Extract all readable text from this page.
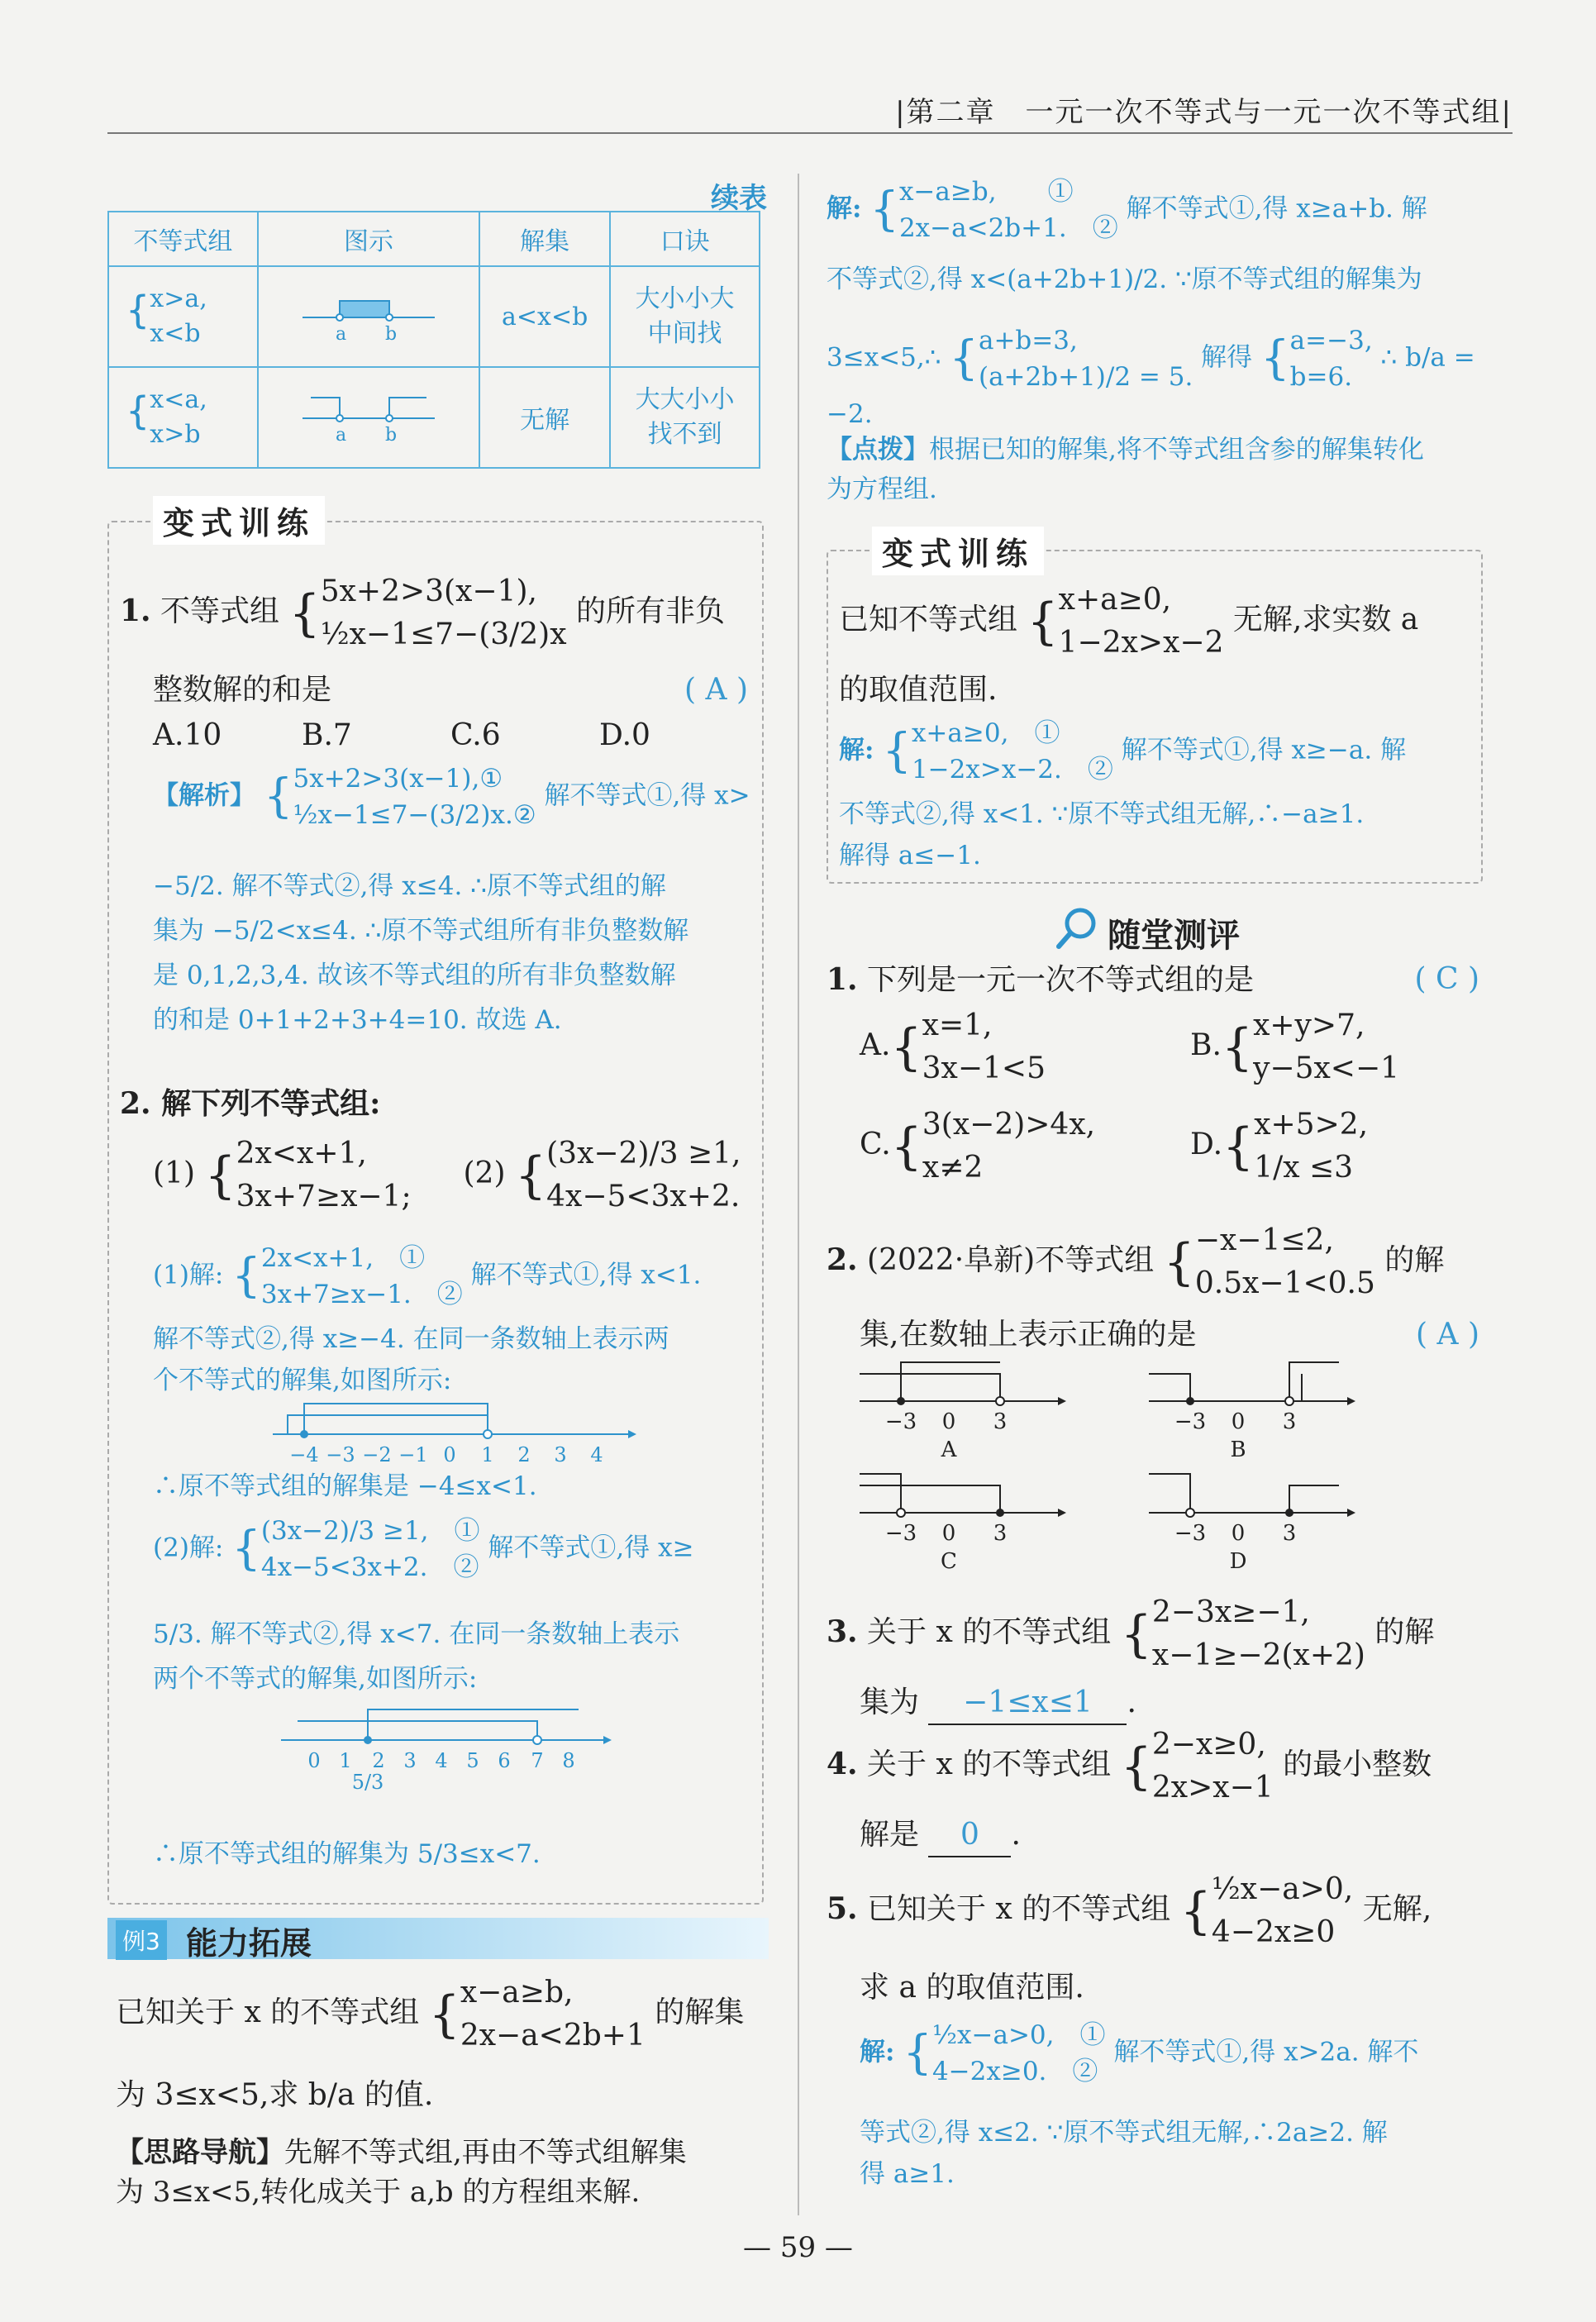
|第二章　一元一次不等式与一元一次不等式组|
续表
不等式组	图示	解集	口诀
{x>a,
x<b	a b	a<x<b	大小小大
中间找
{x<a,
x>b	a b	无解	大大小小
找不到
变式训练
1. 不等式组 {5x+2>3(x−1),
½x−1≤7−(3/2)x 的所有非负
整数解的和是	( A )
A.10	B.7	C.6	D.0
【解析】 {5x+2>3(x−1),①
½x−1≤7−(3/2)x.② 解不等式①,得 x>
−5/2. 解不等式②,得 x≤4. ∴原不等式组的解
集为 −5/2<x≤4. ∴原不等式组所有非负整数解
是 0,1,2,3,4. 故该不等式组的所有非负整数解
的和是 0+1+2+3+4=10. 故选 A.
2. 解下列不等式组:
(1) {2x<x+1,
3x+7≥x−1;  (2) {(3x−2)/3 ≥1,
4x−5<3x+2.
(1)解: {2x<x+1,　①
3x+7≥x−1.　② 解不等式①,得 x<1.
解不等式②,得 x≥−4. 在同一条数轴上表示两
个不等式的解集,如图所示:
−4 −3 −2 −1 0 1 2 3 4
∴原不等式组的解集是 −4≤x<1.
(2)解: {(3x−2)/3 ≥1,　①
4x−5<3x+2.　② 解不等式①,得 x≥
5/3. 解不等式②,得 x<7. 在同一条数轴上表示
两个不等式的解集,如图所示:
0 1 2 3 4 5 6 7 8
5/3
∴原不等式组的解集为 5/3≤x<7.
例3 能力拓展
已知关于 x 的不等式组 {x−a≥b,
2x−a<2b+1 的解集
为 3≤x<5,求 b/a 的值.
【思路导航】先解不等式组,再由不等式组解集
为 3≤x<5,转化成关于 a,b 的方程组来解.
解: {x−a≥b,　　①
2x−a<2b+1.　② 解不等式①,得 x≥a+b. 解
不等式②,得 x<(a+2b+1)/2. ∵原不等式组的解集为
3≤x<5,∴ {a+b=3,
(a+2b+1)/2 = 5. 解得 {a=−3,
b=6. ∴ b/a = −2.
【点拨】根据已知的解集,将不等式组含参的解集转化
为方程组.
变式训练
已知不等式组 {x+a≥0,
1−2x>x−2 无解,求实数 a
的取值范围.
解: {x+a≥0,　①
1−2x>x−2.　② 解不等式①,得 x≥−a. 解
不等式②,得 x<1. ∵原不等式组无解,∴−a≥1.
解得 a≤−1.
随堂测评
1. 下列是一元一次不等式组的是	( C )
A.{x=1,
3x−1<5
B.{x+y>7,
y−5x<−1
C.{3(x−2)>4x,
x≠2
D.{x+5>2,
1/x ≤3
2. (2022·阜新)不等式组 {−x−1≤2,
0.5x−1<0.5 的解
集,在数轴上表示正确的是	( A )
−3 0 3
A
−3 0 3
B
−3 0 3
C
−3 0 3
D
3. 关于 x 的不等式组 {2−3x≥−1,
x−1≥−2(x+2) 的解
集为 −1≤x≤1 .
4. 关于 x 的不等式组 {2−x≥0,
2x>x−1 的最小整数
解是 0 .
5. 已知关于 x 的不等式组 {½x−a>0,
4−2x≥0 无解,
求 a 的取值范围.
解: {½x−a>0,　①
4−2x≥0.　② 解不等式①,得 x>2a. 解不
等式②,得 x≤2. ∵原不等式组无解,∴2a≥2. 解
得 a≥1.
— 59 —
